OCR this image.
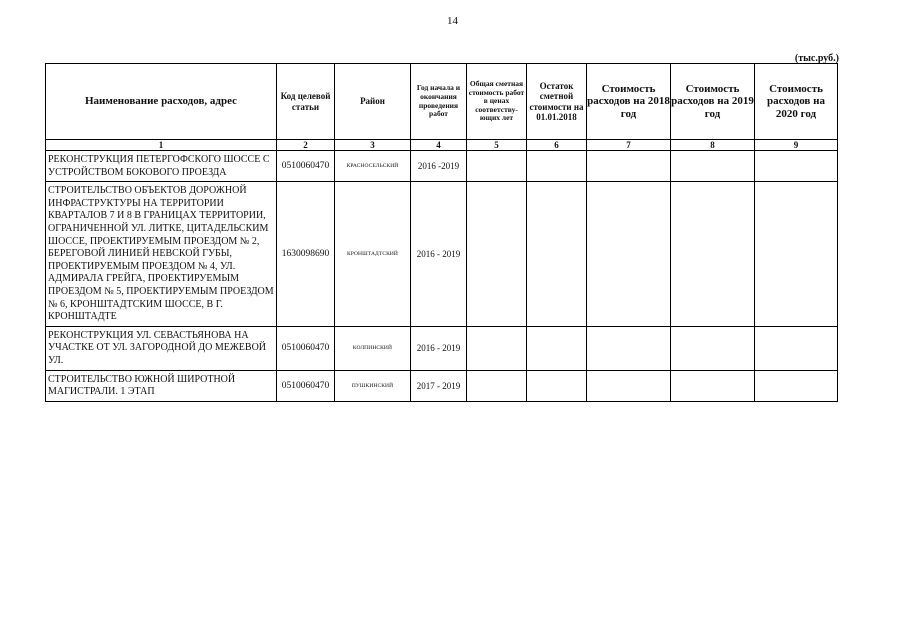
14
(тыс.руб.)
Наименование расходов, адрес	Код целевой статьи	Район	Год начала и окончания проведения работ	Общая сметная стоимость работ в ценах соответству-ющих лет	Остаток сметной стоимости на 01.01.2018	Стоимость расходов на 2018 год	Стоимость расходов на 2019 год	Стоимость расходов на 2020 год
1	2	3	4	5	6	7	8	9
РЕКОНСТРУКЦИЯ ПЕТЕРГОФСКОГО ШОССЕ С УСТРОЙСТВОМ БОКОВОГО ПРОЕЗДА	0510060470	КРАСНОСЕЛЬСКИЙ	2016 -2019					
СТРОИТЕЛЬСТВО ОБЪЕКТОВ ДОРОЖНОЙ ИНФРАСТРУКТУРЫ НА ТЕРРИТОРИИ КВАРТАЛОВ 7 И 8 В ГРАНИЦАХ ТЕРРИТОРИИ, ОГРАНИЧЕННОЙ УЛ. ЛИТКЕ, ЦИТАДЕЛЬСКИМ ШОССЕ, ПРОЕКТИРУЕМЫМ ПРОЕЗДОМ № 2, БЕРЕГОВОЙ ЛИНИЕЙ НЕВСКОЙ ГУБЫ, ПРОЕКТИРУЕМЫМ ПРОЕЗДОМ № 4, УЛ. АДМИРАЛА ГРЕЙГА, ПРОЕКТИРУЕМЫМ ПРОЕЗДОМ № 5, ПРОЕКТИРУЕМЫМ ПРОЕЗДОМ № 6, КРОНШТАДТСКИМ ШОССЕ, В Г. КРОНШТАДТЕ	1630098690	КРОНШТАДТСКИЙ	2016 - 2019					
РЕКОНСТРУКЦИЯ УЛ. СЕВАСТЬЯНОВА НА УЧАСТКЕ ОТ УЛ. ЗАГОРОДНОЙ ДО МЕЖЕВОЙ УЛ.	0510060470	КОЛПИНСКИЙ	2016 - 2019					
СТРОИТЕЛЬСТВО ЮЖНОЙ ШИРОТНОЙ МАГИСТРАЛИ. 1 ЭТАП	0510060470	ПУШКИНСКИЙ	2017 - 2019					
